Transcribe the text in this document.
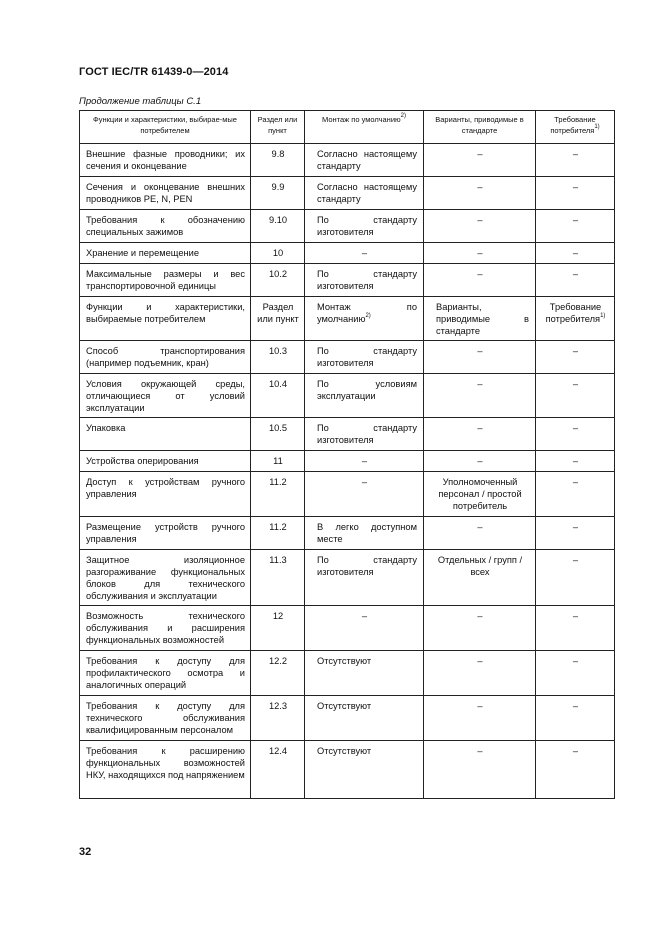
ГОСТ IEC/TR 61439-0—2014
Продолжение таблицы С.1
Функции и характеристики, выбирае-мые потребителем	Раздел или пункт	Монтаж по умолчанию$^{2)}$	Варианты, приводимые в стандарте	Требование потребителя$^{1)}$
Внешние фазные проводники; их сечения и оконцевание	9.8	Согласно настоящему стандарту	–	–
Сечения и оконцевание внешних проводников PE, N, PEN	9.9	Согласно настоящему стандарту	–	–
Требования к обозначению специальных зажимов	9.10	По стандарту изготовителя	–	–
Хранение и перемещение	10	–	–	–
Максимальные размеры и вес транспортировочной единицы	10.2	По стандарту изготовителя	–	–
Функции и характеристики, выбираемые потребителем	Раздел или пункт	Монтаж по умолчанию$^{2)}$	Варианты, приводимые в стандарте	Требование потребителя$^{1)}$
Способ транспортирования (например подъемник, кран)	10.3	По стандарту изготовителя	–	–
Условия окружающей среды, отличающиеся от условий эксплуатации	10.4	По условиям эксплуатации	–	–
Упаковка	10.5	По стандарту изготовителя	–	–
Устройства оперирования	11	–	–	–
Доступ к устройствам ручного управления	11.2	–	Уполномоченный персонал / простой потребитель	–
Размещение устройств ручного управления	11.2	В легко доступном месте	–	–
Защитное изоляционное разгораживание функциональных блоков для технического обслуживания и эксплуатации	11.3	По стандарту изготовителя	Отдельных / групп / всех	–
Возможность технического обслуживания и расширения функциональных возможностей	12	–	–	–
Требования к доступу для профилактического осмотра и аналогичных операций	12.2	Отсутствуют	–	–
Требования к доступу для технического обслуживания квалифицированным персоналом	12.3	Отсутствуют	–	–
Требования к расширению функциональных возможностей НКУ, находящихся под напряжением	12.4	Отсутствуют	–	–
32
